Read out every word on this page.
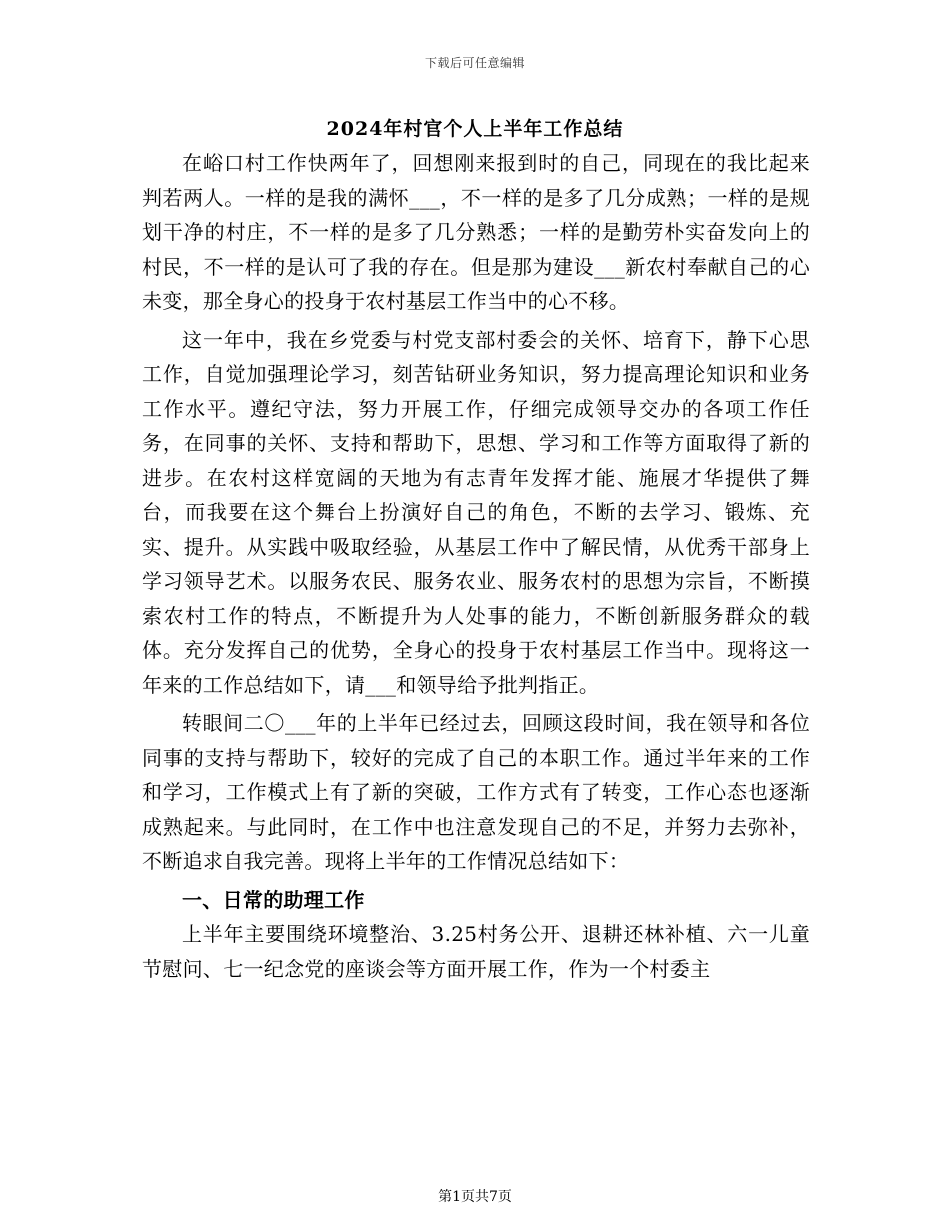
下载后可任意编辑
2024年村官个人上半年工作总结

在峪口村工作快两年了，回想刚来报到时的自己，同现在的我比起来判若两人。一样的是我的满怀___，不一样的是多了几分成熟；一样的是规划干净的村庄，不一样的是多了几分熟悉；一样的是勤劳朴实奋发向上的村民，不一样的是认可了我的存在。但是那为建设___新农村奉献自己的心未变，那全身心的投身于农村基层工作当中的心不移。

这一年中，我在乡党委与村党支部村委会的关怀、培育下，静下心思工作，自觉加强理论学习，刻苦钻研业务知识，努力提高理论知识和业务工作水平。遵纪守法，努力开展工作，仔细完成领导交办的各项工作任务，在同事的关怀、支持和帮助下，思想、学习和工作等方面取得了新的进步。在农村这样宽阔的天地为有志青年发挥才能、施展才华提供了舞台，而我要在这个舞台上扮演好自己的角色，不断的去学习、锻炼、充实、提升。从实践中吸取经验，从基层工作中了解民情，从优秀干部身上学习领导艺术。以服务农民、服务农业、服务农村的思想为宗旨，不断摸索农村工作的特点，不断提升为人处事的能力，不断创新服务群众的载体。充分发挥自己的优势，全身心的投身于农村基层工作当中。现将这一年来的工作总结如下，请___和领导给予批判指正。

转眼间二〇___年的上半年已经过去，回顾这段时间，我在领导和各位同事的支持与帮助下，较好的完成了自己的本职工作。通过半年来的工作和学习，工作模式上有了新的突破，工作方式有了转变，工作心态也逐渐成熟起来。与此同时，在工作中也注意发现自己的不足，并努力去弥补，不断追求自我完善。现将上半年的工作情况总结如下：

一、日常的助理工作

上半年主要围绕环境整治、3.25村务公开、退耕还林补植、六一儿童节慰问、七一纪念党的座谈会等方面开展工作，作为一个村委主

第1页共7页
